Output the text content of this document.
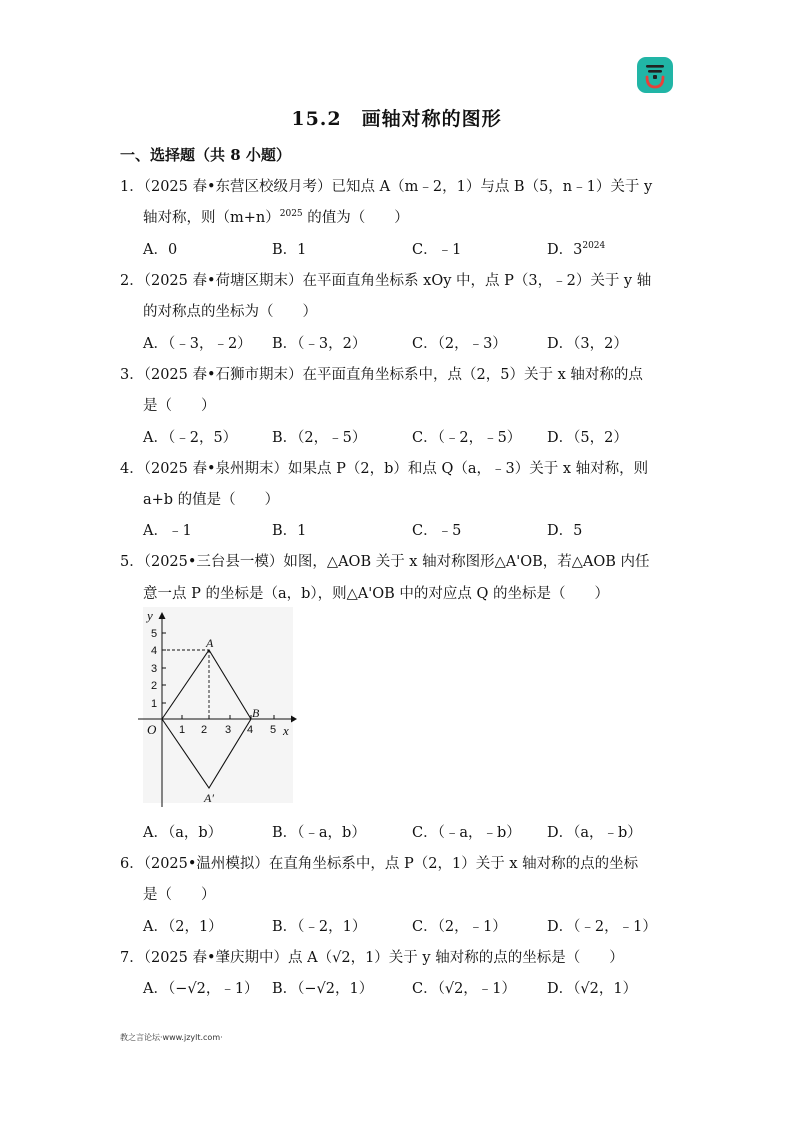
15.2　画轴对称的图形
一、选择题（共 8 小题）
1．（2025 春•东营区校级月考）已知点 A（m﹣2，1）与点 B（5，n﹣1）关于 y
轴对称，则$(m+n)^{2025}$ 的值为（　　）
A．0	B．1	C．﹣1	D．$3^{2024}$
2．（2025 春•荷塘区期末）在平面直角坐标系 xOy 中，点 P（3，﹣2）关于 y 轴
的对称点的坐标为（　　）
A．（﹣3，﹣2） B．（﹣3，2）	C．（2，﹣3）	D．（3，2）
3．（2025 春•石狮市期末）在平面直角坐标系中，点（2，5）关于 x 轴对称的点
是（　　）
A．（﹣2，5） B．（2，﹣5）	C．（﹣2，﹣5） D．（5，2）
4．（2025 春•泉州期末）如果点 P（2，b）和点 Q（a，﹣3）关于 x 轴对称，则
a+b 的值是（　　）
A．﹣1	B．1	C．﹣5	D．5
5．（2025•三台县一模）如图，△AOB 关于 x 轴对称图形△A'OB，若△AOB 内任
意一点 P 的坐标是（a，b），则△A'OB 中的对应点 Q 的坐标是（　　）
1
2
3
4
5
1 2 3 4 5
O	x
y
A
B
A′
A．（a，b）	B．（﹣a，b）	C．（﹣a，﹣b） D．（a，﹣b）
6．（2025•温州模拟）在直角坐标系中，点 P（2，1）关于 x 轴对称的点的坐标
是（　　）
A．（2，1）	B．（﹣2，1）	C．（2，﹣1）	D．（﹣2，﹣1）
7．（2025 春•肇庆期中）点 A（√2，1）关于 y 轴对称的点的坐标是（　　）
A．（−√2，﹣1） B．（−√2，1）	C．（√2，﹣1） D．（√2，1）
教之言论坛·www.jzylt.com·
